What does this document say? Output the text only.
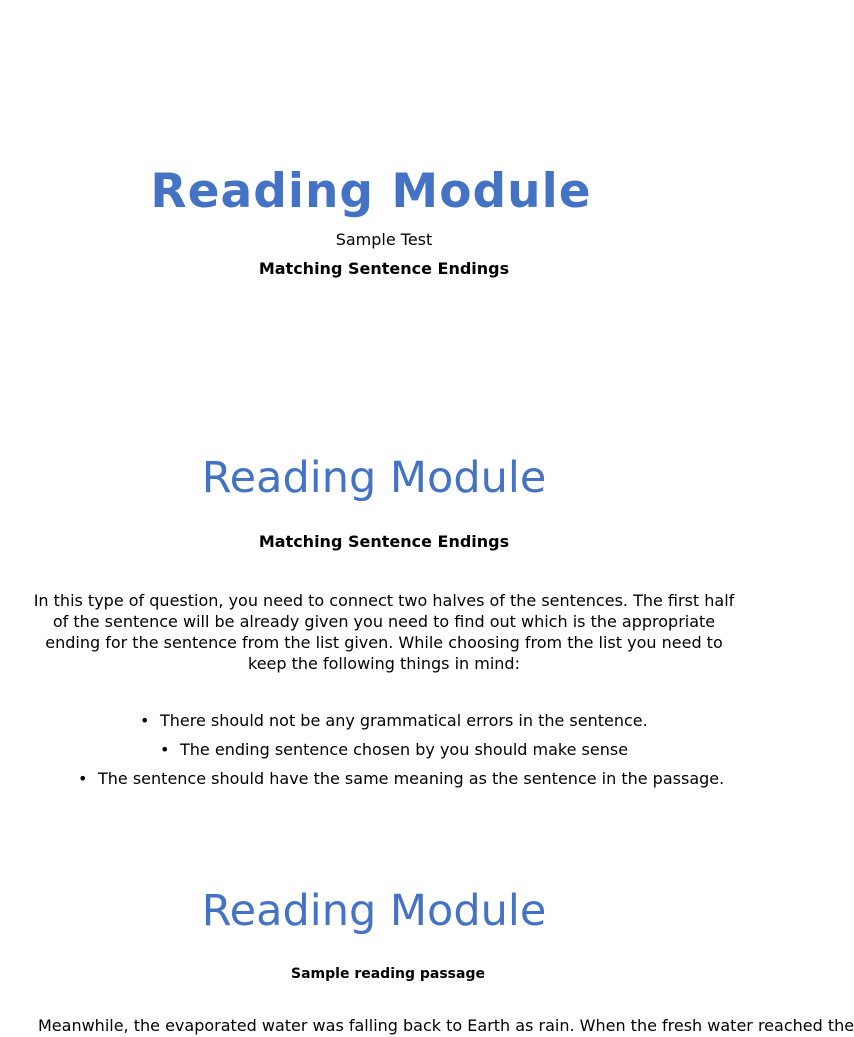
Reading Module
Sample Test
Matching Sentence Endings
Reading Module
Matching Sentence Endings
In this type of question, you need to connect two halves of the sentences. The first half of the sentence will be already given you need to find out which is the appropriate ending for the sentence from the list given. While choosing from the list you need to keep the following things in mind:
• There should not be any grammatical errors in the sentence.
• The ending sentence chosen by you should make sense
• The sentence should have the same meaning as the sentence in the passage.
Reading Module
Sample reading passage
Meanwhile, the evaporated water was falling back to Earth as rain. When the fresh water reached the
